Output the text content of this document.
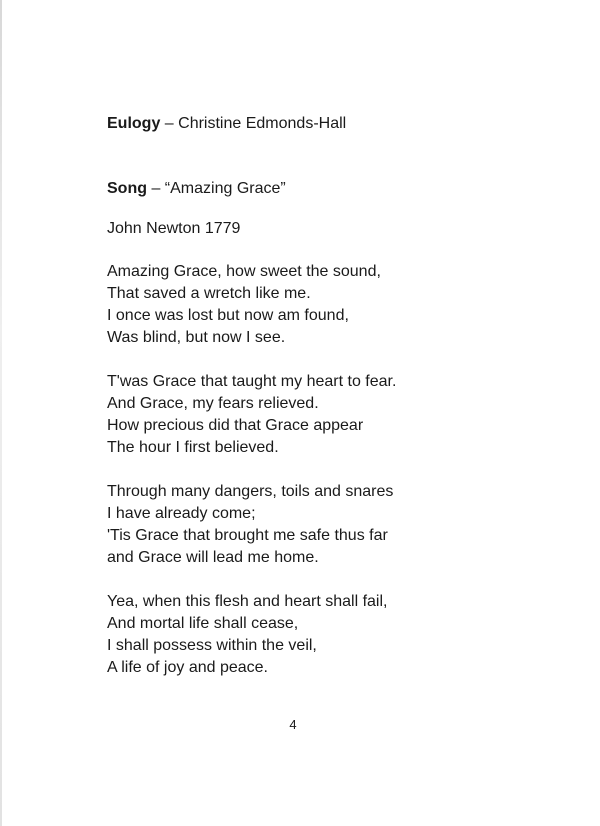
Eulogy – Christine Edmonds-Hall

Song – “Amazing Grace”

John Newton 1779

Amazing Grace, how sweet the sound,
That saved a wretch like me.
I once was lost but now am found,
Was blind, but now I see.
T'was Grace that taught my heart to fear.
And Grace, my fears relieved.
How precious did that Grace appear
The hour I first believed.
Through many dangers, toils and snares
I have already come;
'Tis Grace that brought me safe thus far
and Grace will lead me home.
Yea, when this flesh and heart shall fail,
And mortal life shall cease,
I shall possess within the veil,
A life of joy and peace.
4
